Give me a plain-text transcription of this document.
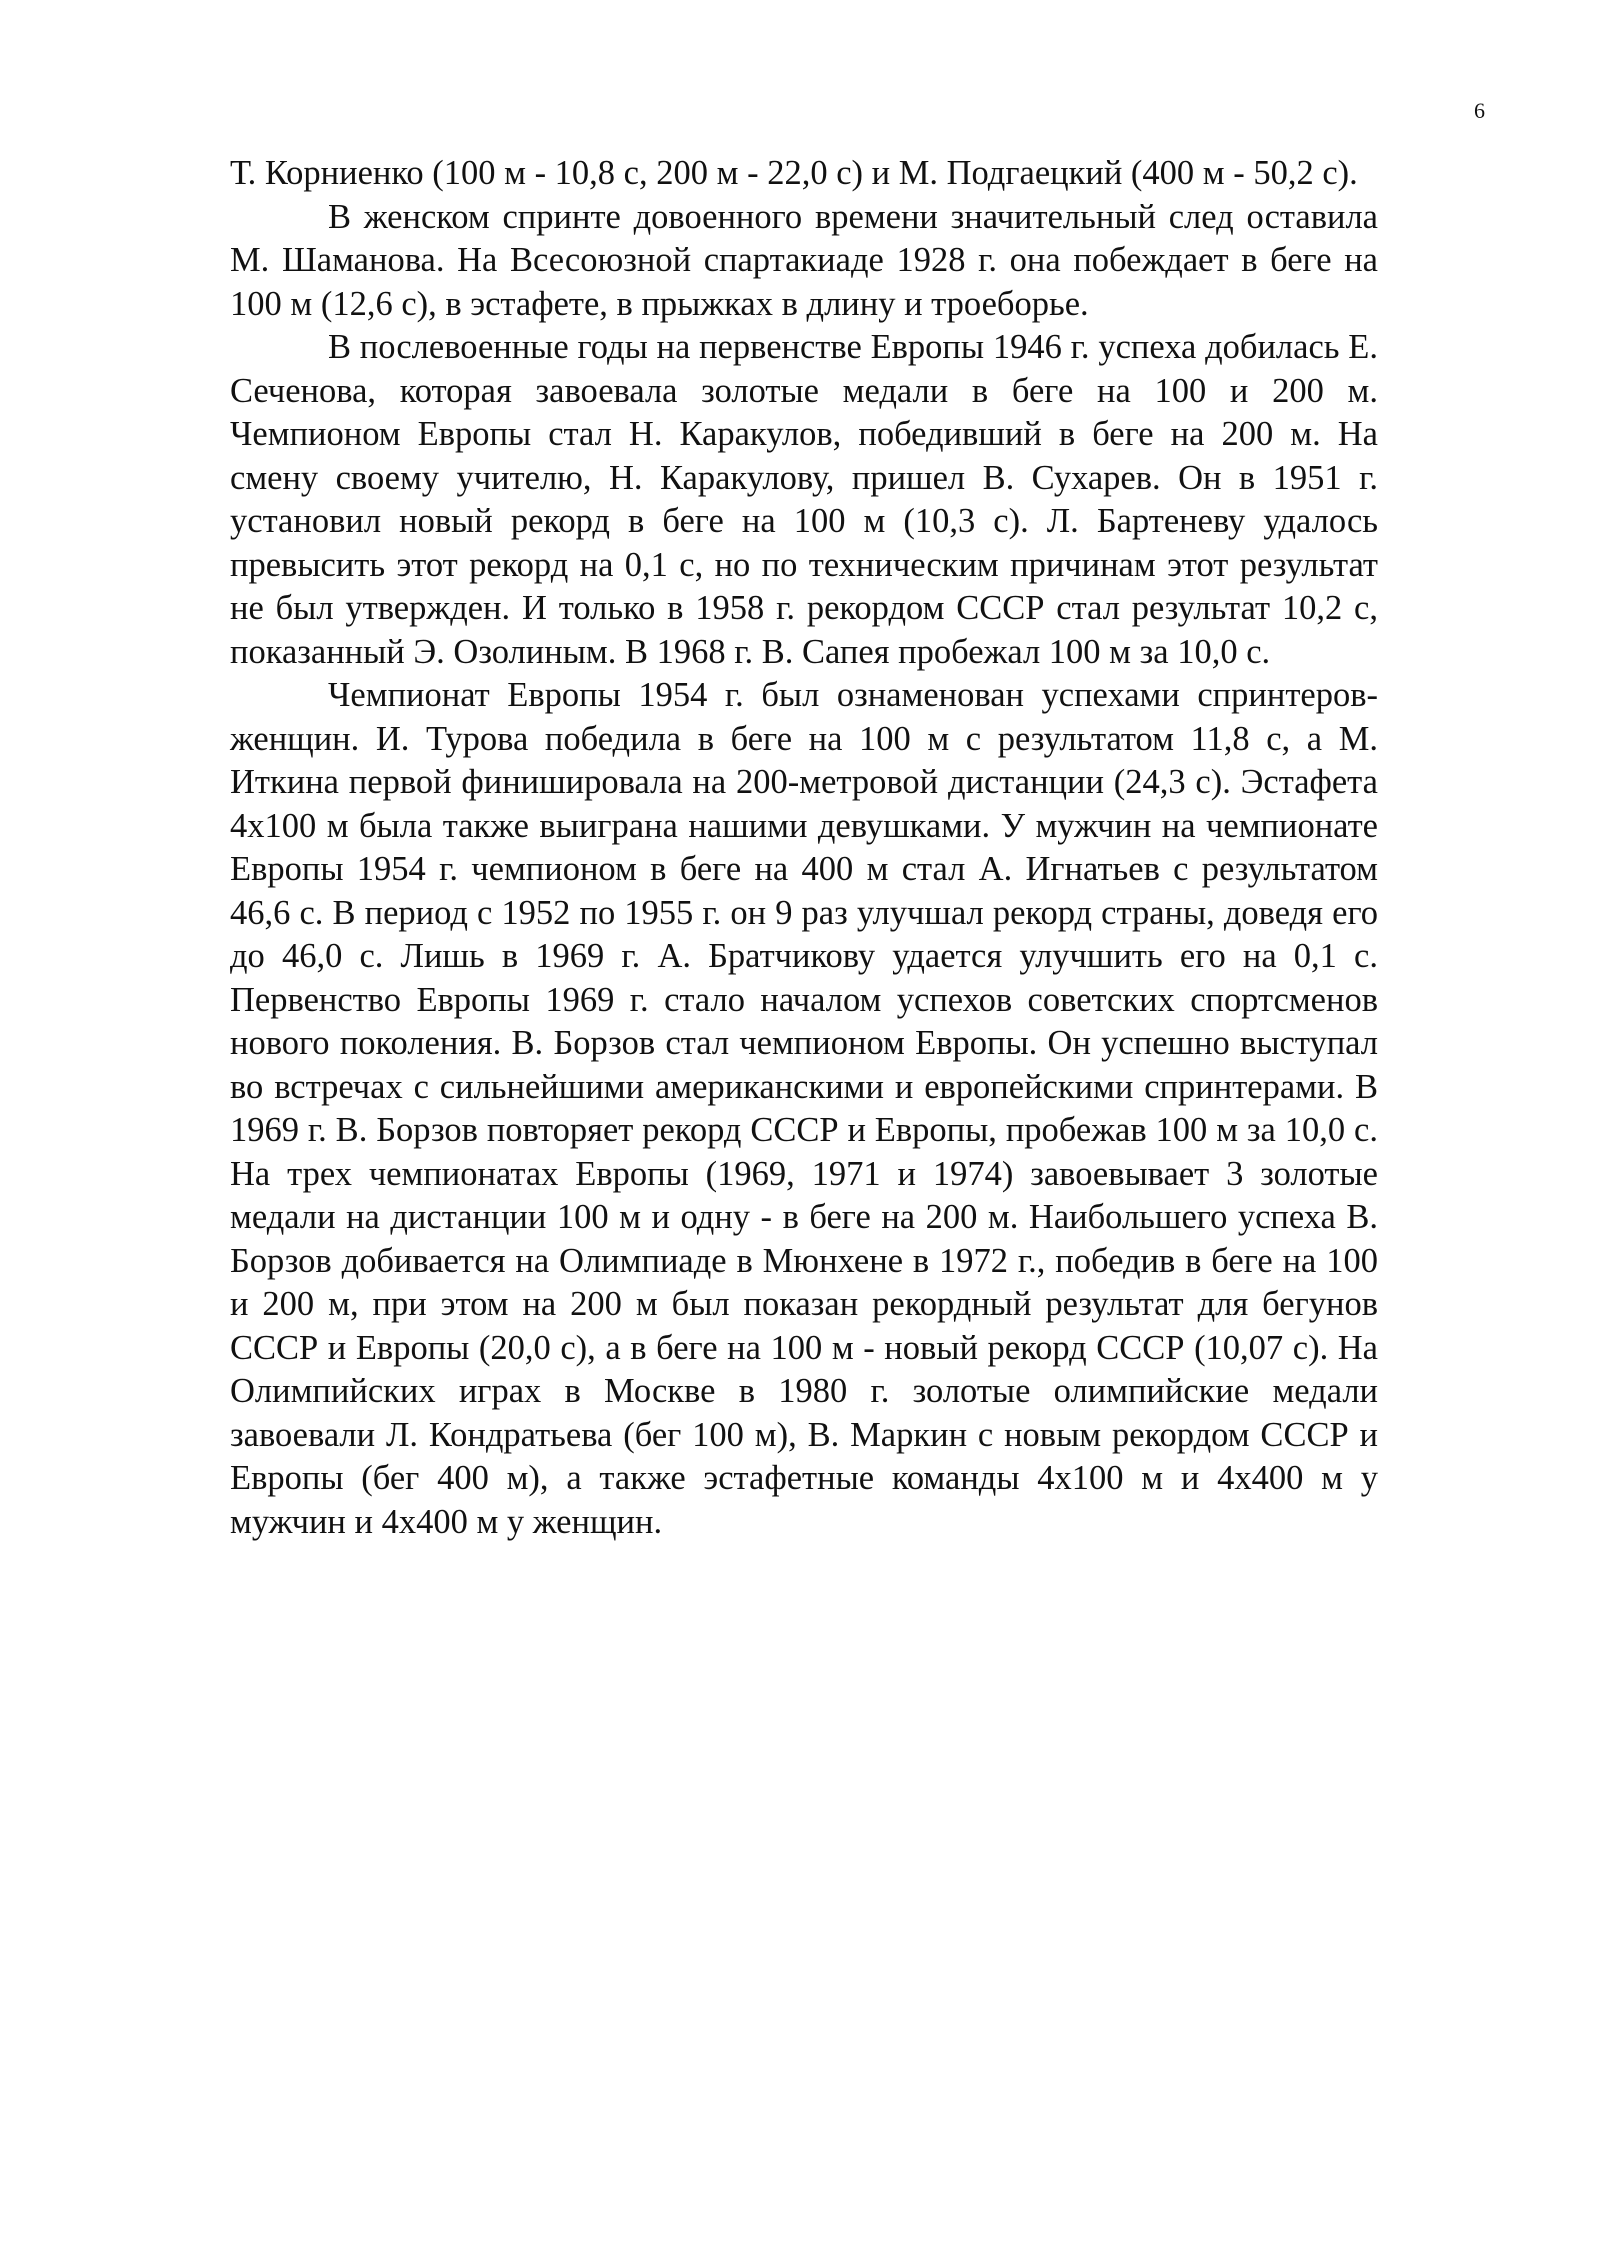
6

Т. Корниенко (100 м - 10,8 с, 200 м - 22,0 с) и М. Подгаецкий (400 м - 50,2 с).

В женском спринте довоенного времени значительный след оставила М. Шаманова. На Всесоюзной спартакиаде 1928 г. она побеждает в беге на 100 м (12,6 с), в эстафете, в прыжках в длину и троеборье.

В послевоенные годы на первенстве Европы 1946 г. успеха добилась Е. Сеченова, которая завоевала золотые медали в беге на 100 и 200 м. Чемпионом Европы стал Н. Каракулов, победивший в беге на 200 м. На смену своему учителю, Н. Каракулову, пришел В. Сухарев. Он в 1951 г. установил новый рекорд в беге на 100 м (10,3 с). Л. Бартеневу удалось превысить этот рекорд на 0,1 с, но по техническим причинам этот результат не был утвержден. И только в 1958 г. рекордом СССР стал результат 10,2 с, показанный Э. Озолиным. В 1968 г. В. Сапея пробежал 100 м за 10,0 с.

Чемпионат Европы 1954 г. был ознаменован успехами спринтеров-женщин. И. Турова победила в беге на 100 м с результатом 11,8 с, а М. Иткина первой финишировала на 200-метровой дистанции (24,3 с). Эстафета 4х100 м была также выиграна нашими девушками. У мужчин на чемпионате Европы 1954 г. чемпионом в беге на 400 м стал А. Игнатьев с результатом 46,6 с. В период с 1952 по 1955 г. он 9 раз улучшал рекорд страны, доведя его до 46,0 с. Лишь в 1969 г. А. Братчикову удается улучшить его на 0,1 с. Первенство Европы 1969 г. стало началом успехов советских спортсменов нового поколения. В. Борзов стал чемпионом Европы. Он успешно выступал во встречах с сильнейшими американскими и европейскими спринтерами. В 1969 г. В. Борзов повторяет рекорд СССР и Европы, пробежав 100 м за 10,0 с. На трех чемпионатах Европы (1969, 1971 и 1974) завоевывает 3 золотые медали на дистанции 100 м и одну - в беге на 200 м. Наибольшего успеха В. Борзов добивается на Олимпиаде в Мюнхене в 1972 г., победив в беге на 100 и 200 м, при этом на 200 м был показан рекордный результат для бегунов СССР и Европы (20,0 с), а в беге на 100 м - новый рекорд СССР (10,07 с). На Олимпийских играх в Москве в 1980 г. золотые олимпийские медали завоевали Л. Кондратьева (бег 100 м), В. Маркин с новым рекордом СССР и Европы (бег 400 м), а также эстафетные команды 4х100 м и 4х400 м у мужчин и 4х400 м у женщин.
